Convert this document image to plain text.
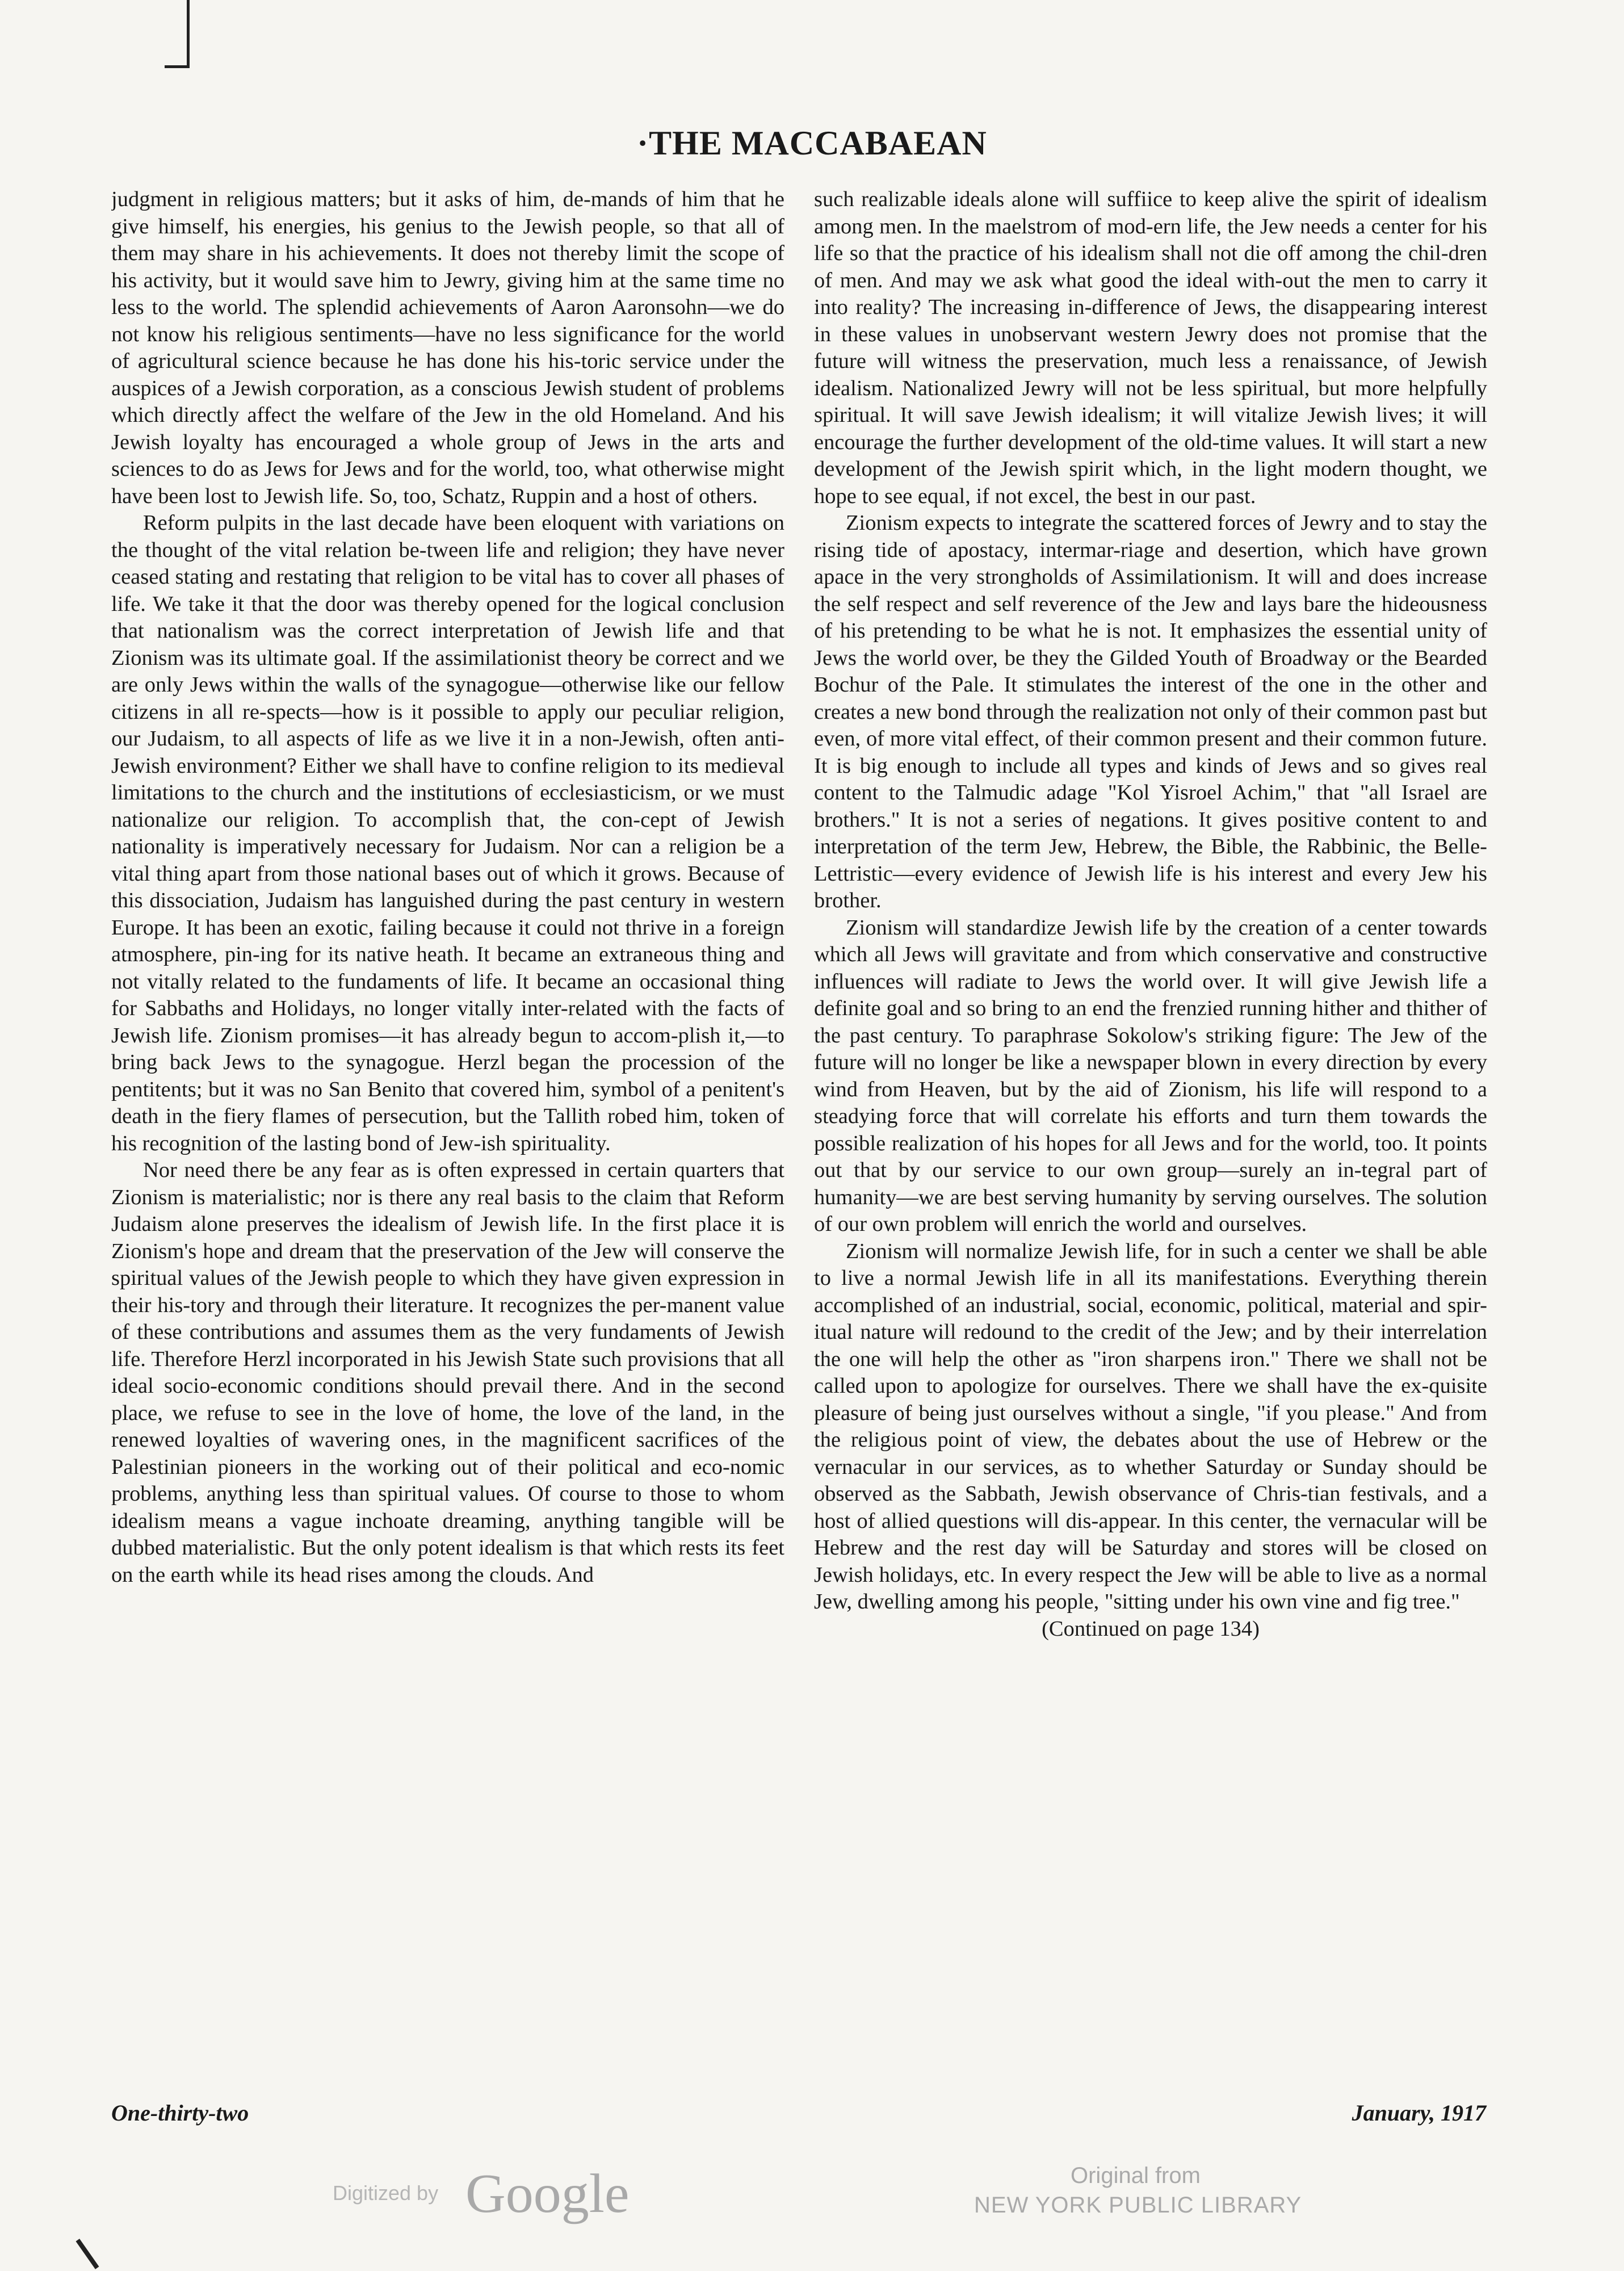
·THE MACCABAEAN

judgment in religious matters; but it asks of him, de-mands of him that he give himself, his energies, his genius to the Jewish people, so that all of them may share in his achievements. It does not thereby limit the scope of his activity, but it would save him to Jewry, giving him at the same time no less to the world. The splendid achievements of Aaron Aaronsohn—we do not know his religious sentiments—have no less significance for the world of agricultural science because he has done his his-toric service under the auspices of a Jewish corporation, as a conscious Jewish student of problems which directly affect the welfare of the Jew in the old Homeland. And his Jewish loyalty has encouraged a whole group of Jews in the arts and sciences to do as Jews for Jews and for the world, too, what otherwise might have been lost to Jewish life. So, too, Schatz, Ruppin and a host of others.

Reform pulpits in the last decade have been eloquent with variations on the thought of the vital relation be-tween life and religion; they have never ceased stating and restating that religion to be vital has to cover all phases of life. We take it that the door was thereby opened for the logical conclusion that nationalism was the correct interpretation of Jewish life and that Zionism was its ultimate goal. If the assimilationist theory be correct and we are only Jews within the walls of the synagogue—otherwise like our fellow citizens in all re-spects—how is it possible to apply our peculiar religion, our Judaism, to all aspects of life as we live it in a non-Jewish, often anti-Jewish environment? Either we shall have to confine religion to its medieval limitations to the church and the institutions of ecclesiasticism, or we must nationalize our religion. To accomplish that, the con-cept of Jewish nationality is imperatively necessary for Judaism. Nor can a religion be a vital thing apart from those national bases out of which it grows. Because of this dissociation, Judaism has languished during the past century in western Europe. It has been an exotic, failing because it could not thrive in a foreign atmosphere, pin-ing for its native heath. It became an extraneous thing and not vitally related to the fundaments of life. It became an occasional thing for Sabbaths and Holidays, no longer vitally inter-related with the facts of Jewish life. Zionism promises—it has already begun to accom-plish it,—to bring back Jews to the synagogue. Herzl began the procession of the pentitents; but it was no San Benito that covered him, symbol of a penitent's death in the fiery flames of persecution, but the Tallith robed him, token of his recognition of the lasting bond of Jew-ish spirituality.

Nor need there be any fear as is often expressed in certain quarters that Zionism is materialistic; nor is there any real basis to the claim that Reform Judaism alone preserves the idealism of Jewish life. In the first place it is Zionism's hope and dream that the preservation of the Jew will conserve the spiritual values of the Jewish people to which they have given expression in their his-tory and through their literature. It recognizes the per-manent value of these contributions and assumes them as the very fundaments of Jewish life. Therefore Herzl incorporated in his Jewish State such provisions that all ideal socio-economic conditions should prevail there. And in the second place, we refuse to see in the love of home, the love of the land, in the renewed loyalties of wavering ones, in the magnificent sacrifices of the Palestinian pioneers in the working out of their political and eco-nomic problems, anything less than spiritual values. Of course to those to whom idealism means a vague inchoate dreaming, anything tangible will be dubbed materialistic. But the only potent idealism is that which rests its feet on the earth while its head rises among the clouds. And

such realizable ideals alone will suffiice to keep alive the spirit of idealism among men. In the maelstrom of mod-ern life, the Jew needs a center for his life so that the practice of his idealism shall not die off among the chil-dren of men. And may we ask what good the ideal with-out the men to carry it into reality? The increasing in-difference of Jews, the disappearing interest in these values in unobservant western Jewry does not promise that the future will witness the preservation, much less a renaissance, of Jewish idealism. Nationalized Jewry will not be less spiritual, but more helpfully spiritual. It will save Jewish idealism; it will vitalize Jewish lives; it will encourage the further development of the old-time values. It will start a new development of the Jewish spirit which, in the light modern thought, we hope to see equal, if not excel, the best in our past.

Zionism expects to integrate the scattered forces of Jewry and to stay the rising tide of apostacy, intermar-riage and desertion, which have grown apace in the very strongholds of Assimilationism. It will and does increase the self respect and self reverence of the Jew and lays bare the hideousness of his pretending to be what he is not. It emphasizes the essential unity of Jews the world over, be they the Gilded Youth of Broadway or the Bearded Bochur of the Pale. It stimulates the interest of the one in the other and creates a new bond through the realization not only of their common past but even, of more vital effect, of their common present and their common future. It is big enough to include all types and kinds of Jews and so gives real content to the Talmudic adage "Kol Yisroel Achim," that "all Israel are brothers." It is not a series of negations. It gives positive content to and interpretation of the term Jew, Hebrew, the Bible, the Rabbinic, the Belle-Lettristic—every evidence of Jewish life is his interest and every Jew his brother.

Zionism will standardize Jewish life by the creation of a center towards which all Jews will gravitate and from which conservative and constructive influences will radiate to Jews the world over. It will give Jewish life a definite goal and so bring to an end the frenzied running hither and thither of the past century. To paraphrase Sokolow's striking figure: The Jew of the future will no longer be like a newspaper blown in every direction by every wind from Heaven, but by the aid of Zionism, his life will respond to a steadying force that will correlate his efforts and turn them towards the possible realization of his hopes for all Jews and for the world, too. It points out that by our service to our own group—surely an in-tegral part of humanity—we are best serving humanity by serving ourselves. The solution of our own problem will enrich the world and ourselves.

Zionism will normalize Jewish life, for in such a center we shall be able to live a normal Jewish life in all its manifestations. Everything therein accomplished of an industrial, social, economic, political, material and spir-itual nature will redound to the credit of the Jew; and by their interrelation the one will help the other as "iron sharpens iron." There we shall not be called upon to apologize for ourselves. There we shall have the ex-quisite pleasure of being just ourselves without a single, "if you please." And from the religious point of view, the debates about the use of Hebrew or the vernacular in our services, as to whether Saturday or Sunday should be observed as the Sabbath, Jewish observance of Chris-tian festivals, and a host of allied questions will dis-appear. In this center, the vernacular will be Hebrew and the rest day will be Saturday and stores will be closed on Jewish holidays, etc. In every respect the Jew will be able to live as a normal Jew, dwelling among his people, "sitting under his own vine and fig tree."

(Continued on page 134)

One-thirty-two	January, 1917
Digitized by Google	Original from
NEW YORK PUBLIC LIBRARY
